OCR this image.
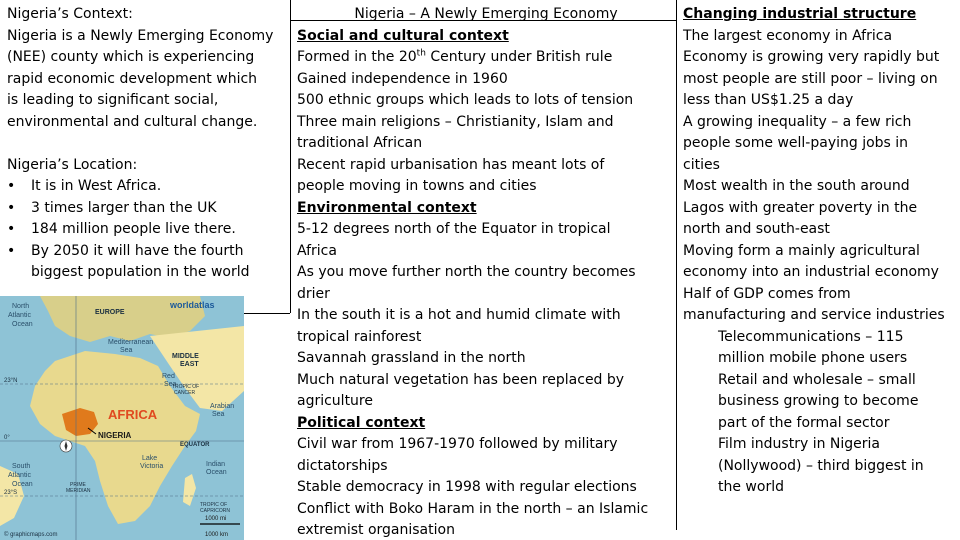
Nigeria’s Context:
Nigeria is a Newly Emerging Economy
(NEE) county which is experiencing
rapid economic development which
is leading to significant social,
environmental and cultural change.
Nigeria’s Location:
• It is in West Africa.
• 3 times larger than the UK
• 184 million people live there.
• By 2050 it will have the fourth
biggest population in the world
North
Atlantic
Ocean
EUROPE
worldatlas
Mediterranean
Sea
MIDDLE
EAST
Red
Sea
TROPIC OF
CANCER
Arabian
Sea
AFRICA
NIGERIA
EQUATOR
Lake
Victoria
South
Atlantic
Ocean
Indian
Ocean
TROPIC OF
CAPRICORN
PRIME
MERIDIAN
23°N
0°
23°S
1000 mi
1000 km
© graphicmaps.com
Nigeria – A Newly Emerging Economy
Social and cultural context
Formed in the 20th Century under British rule
Gained independence in 1960
500 ethnic groups which leads to lots of tension
Three main religions – Christianity, Islam and
traditional African
Recent rapid urbanisation has meant lots of
people moving in towns and cities
Environmental context
5-12 degrees north of the Equator in tropical
Africa
As you move further north the country becomes
drier
In the south it is a hot and humid climate with
tropical rainforest
Savannah grassland in the north
Much natural vegetation has been replaced by
agriculture
Political context
Civil war from 1967-1970 followed by military
dictatorships
Stable democracy in 1998 with regular elections
Conflict with Boko Haram in the north – an Islamic
extremist organisation
Changing industrial structure
The largest economy in Africa
Economy is growing very rapidly but
most people are still poor – living on
less than US$1.25 a day
A growing inequality – a few rich
people some well-paying jobs in
cities
Most wealth in the south around
Lagos with greater poverty in the
north and south-east
Moving form a mainly agricultural
economy into an industrial economy
Half of GDP comes from
manufacturing and service industries
Telecommunications – 115
million mobile phone users
Retail and wholesale – small
business growing to become
part of the formal sector
Film industry in Nigeria
(Nollywood) – third biggest in
the world
